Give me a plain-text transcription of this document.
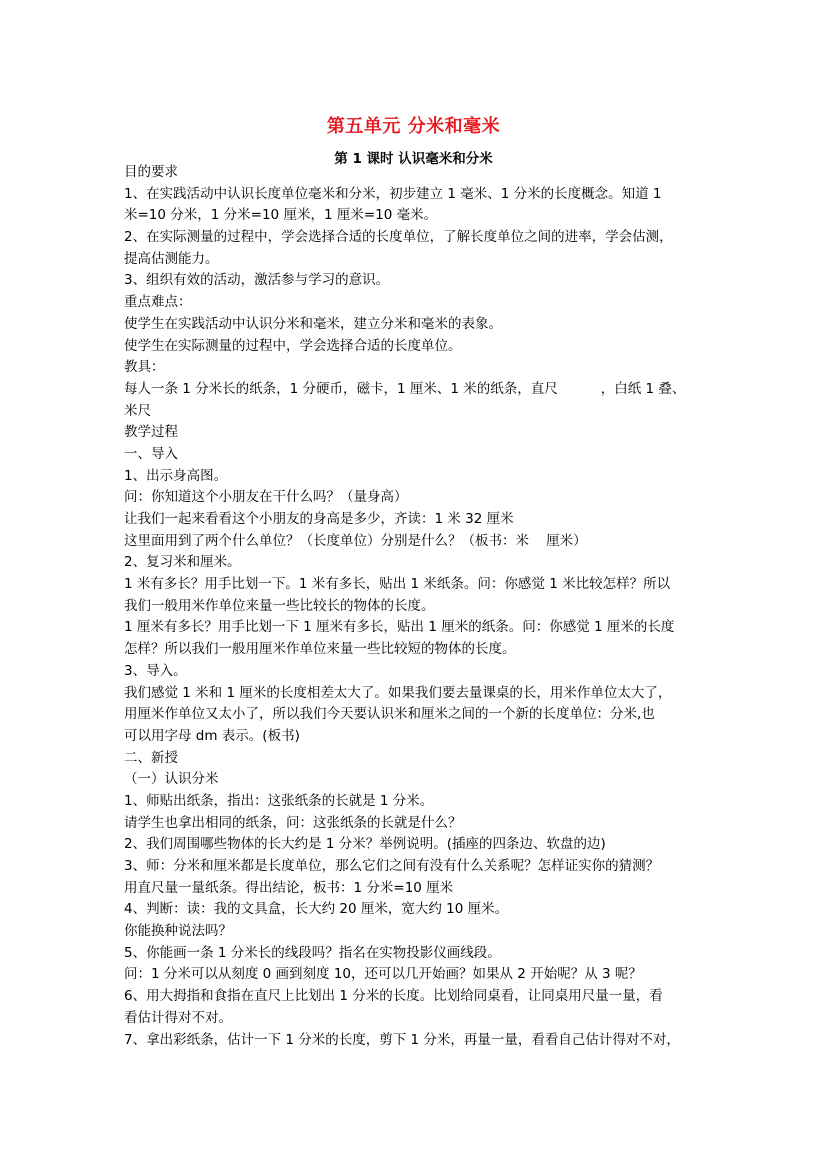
第五单元 分米和毫米
第 1 课时 认识毫米和分米
目的要求
1、在实践活动中认识长度单位毫米和分米，初步建立 1 毫米、1 分米的长度概念。知道 1
米=10 分米，1 分米=10 厘米，1 厘米=10 毫米。
2、在实际测量的过程中，学会选择合适的长度单位，了解长度单位之间的进率，学会估测，
提高估测能力。
3、组织有效的活动，激活参与学习的意识。
重点难点：
使学生在实践活动中认识分米和毫米，建立分米和毫米的表象。
使学生在实际测量的过程中，学会选择合适的长度单位。
教具：
每人一条 1 分米长的纸条，1 分硬币，磁卡，1 厘米、1 米的纸条，直尺          ，白纸 1 叠、
米尺
教学过程
一、导入
1、出示身高图。
问：你知道这个小朋友在干什么吗？（量身高）
让我们一起来看看这个小朋友的身高是多少，齐读：1 米 32 厘米
这里面用到了两个什么单位？（长度单位）分别是什么？（板书：米    厘米）
2、复习米和厘米。
1 米有多长？用手比划一下。1 米有多长，贴出 1 米纸条。问：你感觉 1 米比较怎样？所以
我们一般用米作单位来量一些比较长的物体的长度。
1 厘米有多长？用手比划一下 1 厘米有多长，贴出 1 厘米的纸条。问：你感觉 1 厘米的长度
怎样？所以我们一般用厘米作单位来量一些比较短的物体的长度。
3、导入。
我们感觉 1 米和 1 厘米的长度相差太大了。如果我们要去量课桌的长，用米作单位太大了，
用厘米作单位又太小了，所以我们今天要认识米和厘米之间的一个新的长度单位：分米,也
可以用字母 dm 表示。(板书)
二、新授
（一）认识分米
1、师贴出纸条，指出：这张纸条的长就是 1 分米。
请学生也拿出相同的纸条，问：这张纸条的长就是什么？
2、我们周围哪些物体的长大约是 1 分米？举例说明。(插座的四条边、软盘的边)
3、师：分米和厘米都是长度单位，那么它们之间有没有什么关系呢？怎样证实你的猜测？
用直尺量一量纸条。得出结论，板书：1 分米=10 厘米
4、判断：读：我的文具盒，长大约 20 厘米，宽大约 10 厘米。
你能换种说法吗？
5、你能画一条 1 分米长的线段吗？指名在实物投影仪画线段。
问：1 分米可以从刻度 0 画到刻度 10，还可以几开始画？如果从 2 开始呢？从 3 呢？
6、用大拇指和食指在直尺上比划出 1 分米的长度。比划给同桌看，让同桌用尺量一量，看
看估计得对不对。
7、拿出彩纸条，估计一下 1 分米的长度，剪下 1 分米，再量一量，看看自己估计得对不对，
